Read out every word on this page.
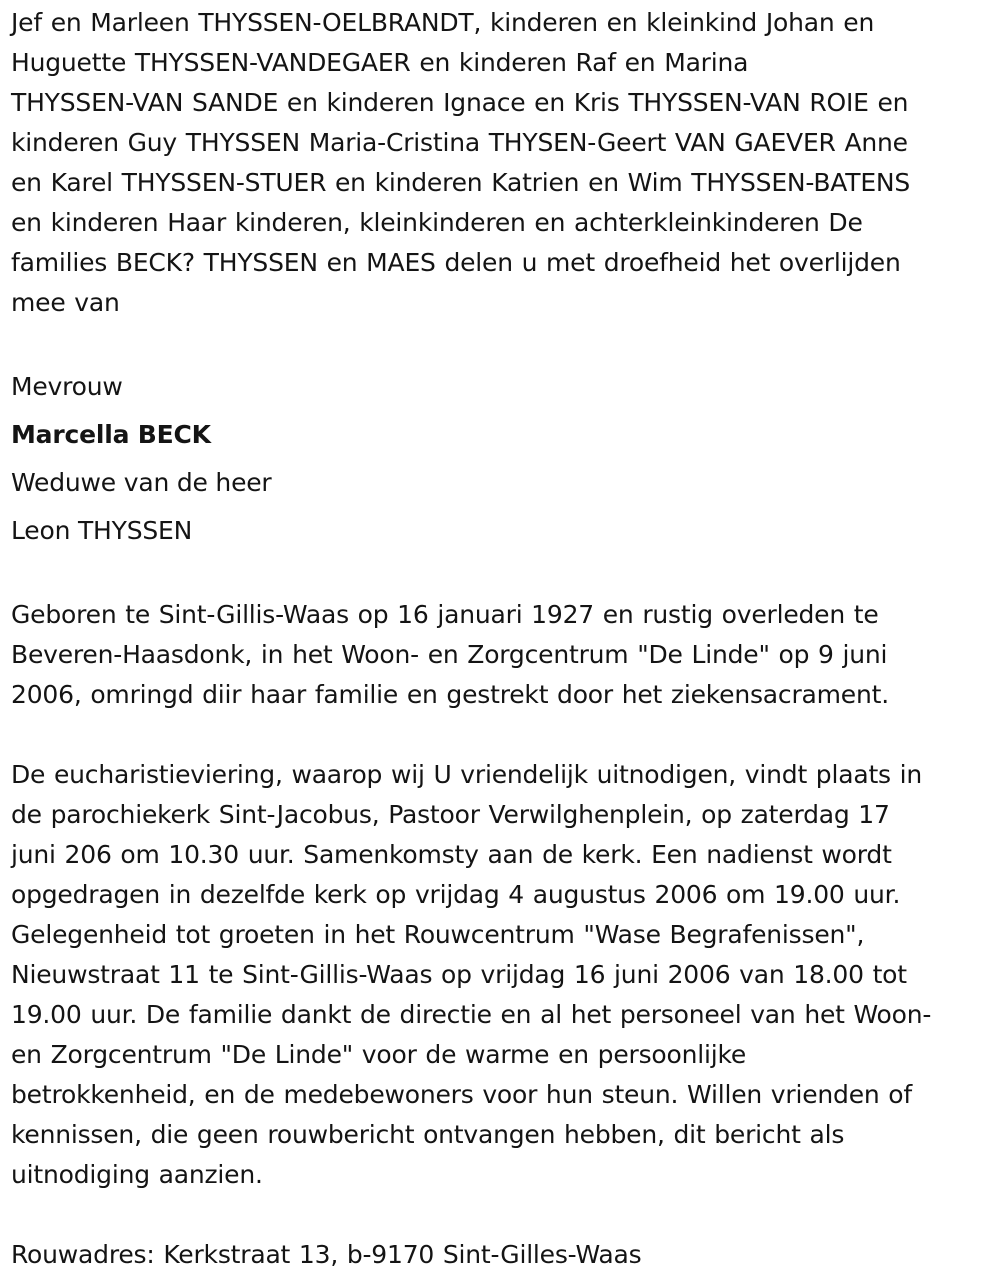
Jef en Marleen THYSSEN-OELBRANDT, kinderen en kleinkind Johan en
Huguette THYSSEN-VANDEGAER en kinderen Raf en Marina
THYSSEN-VAN SANDE en kinderen Ignace en Kris THYSSEN-VAN ROIE en
kinderen Guy THYSSEN Maria-Cristina THYSEN-Geert VAN GAEVER Anne
en Karel THYSSEN-STUER en kinderen Katrien en Wim THYSSEN-BATENS
en kinderen Haar kinderen, kleinkinderen en achterkleinkinderen De
families BECK? THYSSEN en MAES delen u met droefheid het overlijden
mee van

Mevrouw
Marcella BECK
Weduwe van de heer
Leon THYSSEN

Geboren te Sint-Gillis-Waas op 16 januari 1927 en rustig overleden te
Beveren-Haasdonk, in het Woon- en Zorgcentrum "De Linde" op 9 juni
2006, omringd diir haar familie en gestrekt door het ziekensacrament.

De eucharistieviering, waarop wij U vriendelijk uitnodigen, vindt plaats in
de parochiekerk Sint-Jacobus, Pastoor Verwilghenplein, op zaterdag 17
juni 206 om 10.30 uur. Samenkomsty aan de kerk. Een nadienst wordt
opgedragen in dezelfde kerk op vrijdag 4 augustus 2006 om 19.00 uur.
Gelegenheid tot groeten in het Rouwcentrum "Wase Begrafenissen",
Nieuwstraat 11 te Sint-Gillis-Waas op vrijdag 16 juni 2006 van 18.00 tot
19.00 uur. De familie dankt de directie en al het personeel van het Woon-
en Zorgcentrum "De Linde" voor de warme en persoonlijke
betrokkenheid, en de medebewoners voor hun steun. Willen vrienden of
kennissen, die geen rouwbericht ontvangen hebben, dit bericht als
uitnodiging aanzien.

Rouwadres: Kerkstraat 13, b-9170 Sint-Gilles-Waas
